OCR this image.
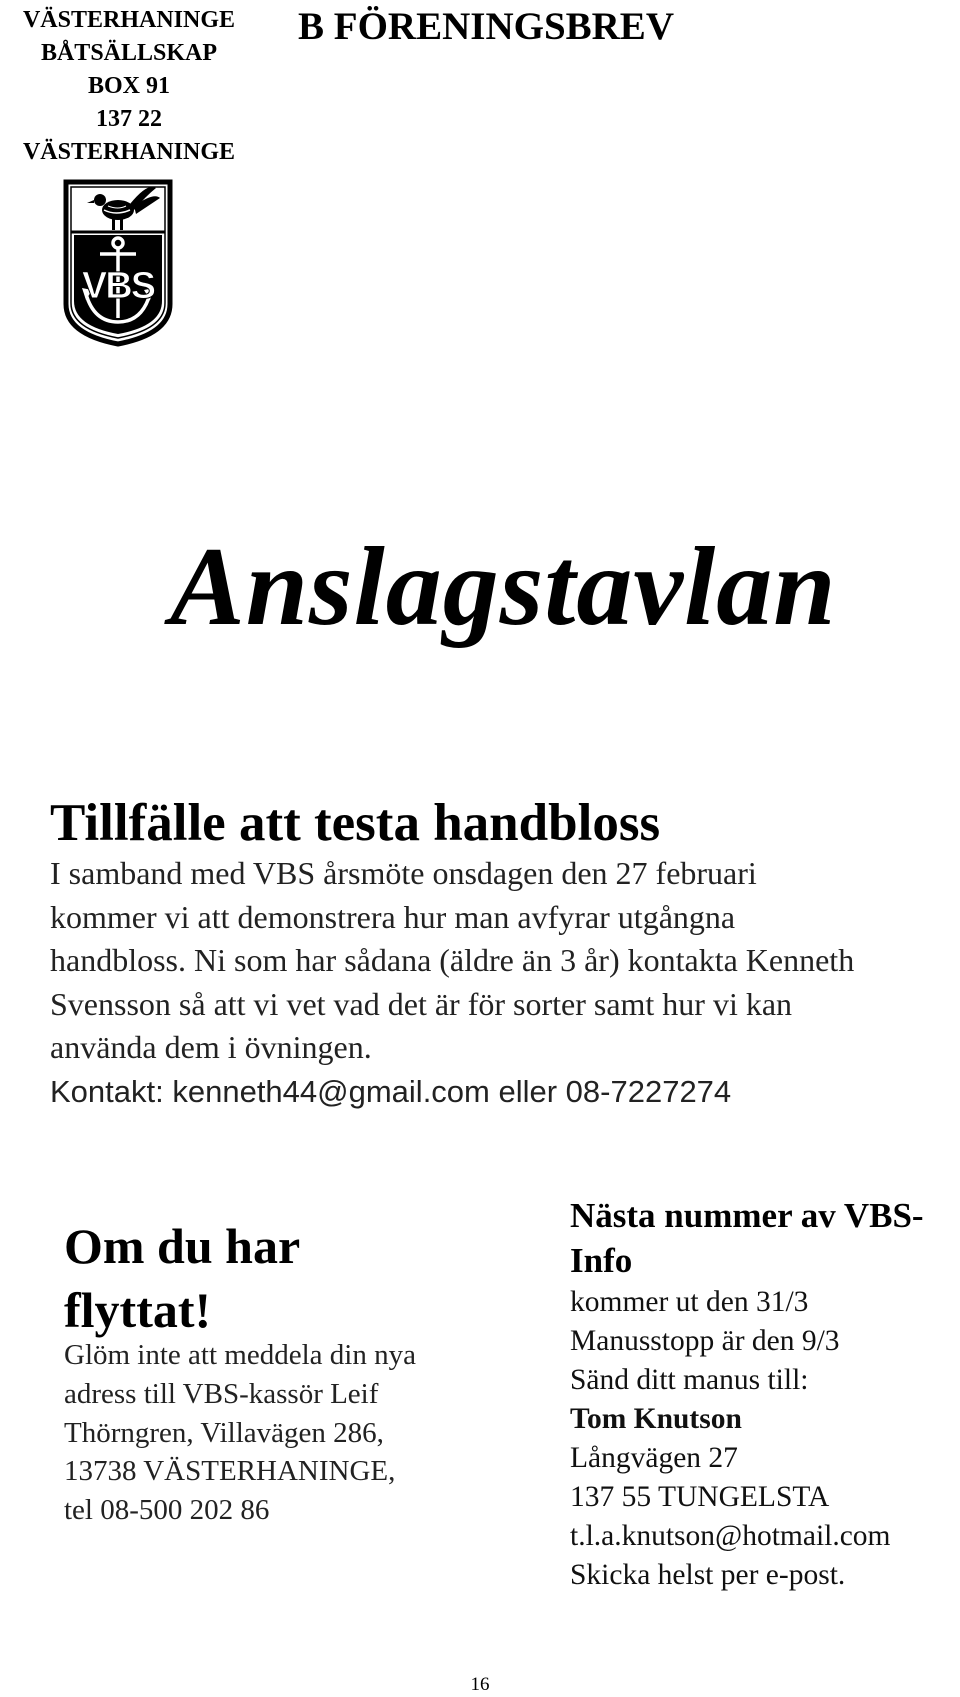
VÄSTERHANINGE
BÅTSÄLLSKAP
BOX 91
137 22
VÄSTERHANINGE
B FÖRENINGSBREV
VBS
Anslagstavlan
Tillfälle att testa handbloss

I samband med VBS årsmöte onsdagen den 27 februari

kommer vi att demonstrera hur man avfyrar utgångna

handbloss. Ni som har sådana (äldre än 3 år) kontakta Kenneth

Svensson så att vi vet vad det är för sorter samt hur vi kan

använda dem i övningen.

Kontakt: kenneth44@gmail.com eller 08-7227274

Om du har flyttat!

Glöm inte att meddela din nya

adress till VBS-kassör Leif

Thörngren, Villavägen 286,

13738 VÄSTERHANINGE,

tel 08-500 202 86

Nästa nummer av VBS-Info

kommer ut den 31/3

Manusstopp är den 9/3

Sänd ditt manus till:

Tom Knutson

Långvägen 27

137 55 TUNGELSTA

t.l.a.knutson@hotmail.com

Skicka helst per e-post.

16
